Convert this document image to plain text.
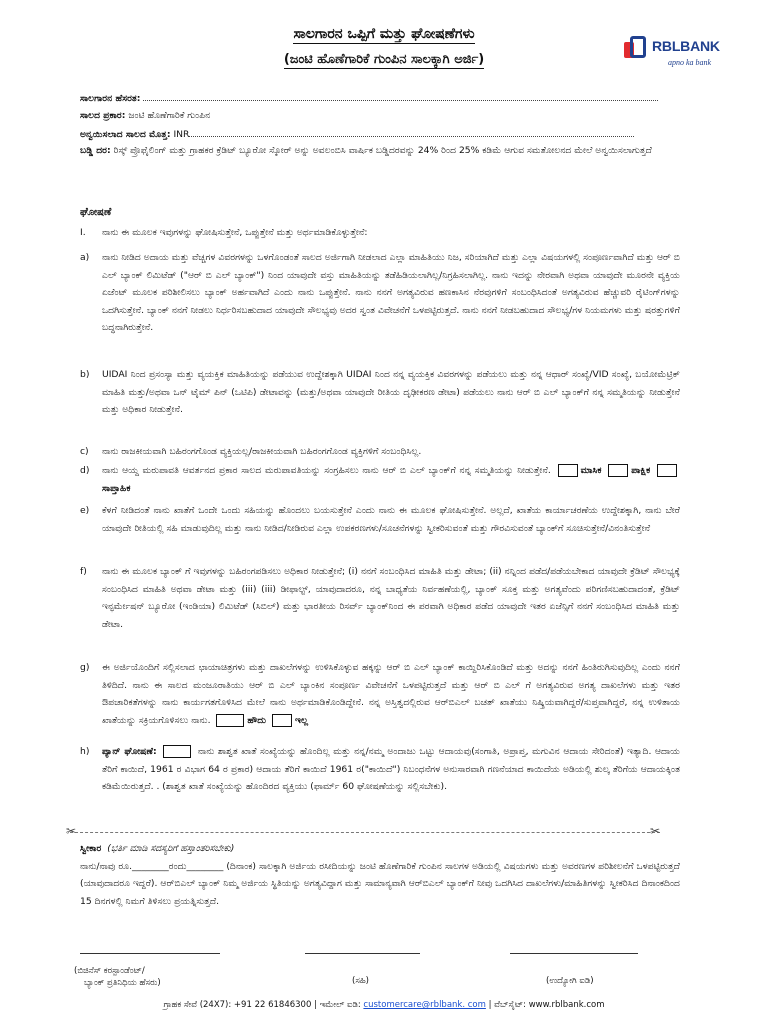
ಸಾಲಗಾರನ ಒಪ್ಪಿಗೆ ಮತ್ತು ಘೋಷಣೆಗಳು
(ಜಂಟಿ ಹೊಣೆಗಾರಿಕೆ ಗುಂಪಿನ ಸಾಲಕ್ಕಾಗಿ ಅರ್ಜಿ)
RBLBANK
apno ka bank
ಸಾಲಗಾರನ ಹೆಸರತ:
ಸಾಲದ ಪ್ರಕಾರ: ಜಂಟಿ ಹೊಣೆಗಾರಿಕೆ ಗುಂಪಿನ
ಅನ್ವಯಿಸಲಾದ ಸಾಲದ ಮೊತ್ತ: INR
ಬಡ್ಡಿ ದರ: ರಿಸ್ಕ್ ಪ್ರೊಫೈಲಿಂಗ್ ಮತ್ತು ಗ್ರಾಹಕರ ಕ್ರೆಡಿಟ್ ಬ್ಯೂರೋ ಸ್ಕೋರ್ ಅನ್ನು ಅವಲಂಬಿಸಿ ವಾರ್ಷಿಕ ಬಡ್ಡಿದರವನ್ನು 24% ರಿಂದ 25% ಕಡಿಮೆ ಆಗುವ ಸಮತೋಲನದ ಮೇಲೆ ಅನ್ವಯಿಸಲಾಗುತ್ತದೆ
ಘೋಷಣೆ
I. ನಾನು ಈ ಮೂಲಕ ಇವುಗಳನ್ನು ಘೋಷಿಸುತ್ತೇನೆ, ಒಪ್ಪುತ್ತೇನೆ ಮತ್ತು ಅರ್ಥಮಾಡಿಕೊಳ್ಳುತ್ತೇನೆ:
a) ನಾನು ನೀಡಿದ ಅದಾಯ ಮತ್ತು ವೆಚ್ಚಗಳ ವಿವರಗಳನ್ನು ಒಳಗೊಂಡಂತೆ ಸಾಲದ ಅರ್ಜಿಗಾಗಿ ನೀಡಲಾದ ಎಲ್ಲಾ ಮಾಹಿತಿಯು ನಿಜ, ಸರಿಯಾಗಿದೆ ಮತ್ತು ಎಲ್ಲಾ ವಿಷಯಗಳಲ್ಲಿ ಸಂಪೂರ್ಣವಾಗಿದೆ ಮತ್ತು ಆರ್ ಬಿ ಎಲ್ ಬ್ಯಾಂಕ್ ಲಿಮಿಟೆಡ್ ("ಆರ್ ಬಿ ಎಲ್ ಬ್ಯಾಂಕ್") ನಿಂದ ಯಾವುದೇ ವಸ್ತು ಮಾಹಿತಿಯನ್ನು ತಡೆಹಿಡಿಯಲಾಗಿಲ್ಲ/ನಿಗ್ರಹಿಸಲಾಗಿಲ್ಲ. ನಾನು ಇದನ್ನು ನೇರವಾಗಿ ಅಥವಾ ಯಾವುದೇ ಮೂರನೇ ವ್ಯಕ್ತಿಯ ಏಜೆಂಟ್ ಮೂಲಕ ಪರಿಶೀಲಿಸಲು ಬ್ಯಾಂಕ್ ಅರ್ಹವಾಗಿದೆ ಎಂದು ನಾನು ಒಪ್ಪುತ್ತೇನೆ. ನಾನು ನನಗೆ ಅಗತ್ಯವಿರುವ ಹಣಕಾಸಿನ ನೆರವುಗಳಿಗೆ ಸಂಬಂಧಿಸಿದಂತೆ ಅಗತ್ಯವಿರುವ ಹೆಚ್ಚುವರಿ ರೈಟಿಂಗ್‌ಗಳನ್ನು ಒದಗಿಸುತ್ತೇನೆ. ಬ್ಯಾಂಕ್ ನನಗೆ ನೀಡಲು ನಿರ್ಧರಿಸಬಹುದಾದ ಯಾವುದೇ ಸೌಲಭ್ಯವು ಅದರ ಸ್ವಂತ ವಿವೇಚನೆಗೆ ಒಳಪಟ್ಟಿರುತ್ತದೆ. ನಾನು ನನಗೆ ನೀಡಬಹುದಾದ ಸೌಲಭ್ಯ/ಗಳ ನಿಯಮಗಳು ಮತ್ತು ಷರತ್ತುಗಳಿಗೆ ಬದ್ಧನಾಗಿರುತ್ತೇನೆ.
b) UIDAI ನಿಂದ ಪ್ರಸಂಸ್ಯಾ ಮತ್ತು ವ್ಯಯಕ್ತಿಕ ಮಾಹಿತಿಯನ್ನು ಪಡೆಯುವ ಉದ್ದೇಶಕ್ಕಾಗಿ UIDAI ನಿಂದ ನನ್ನ ವ್ಯಯಕ್ತಿಕ ವಿವರಗಳನ್ನು ಪಡೆಯಲು ಮತ್ತು ನನ್ನ ಆಧಾರ್ ಸಂಖ್ಯೆ/VID ಸಂಖ್ಯೆ, ಬಯೋಮೆಟ್ರಿಕ್ ಮಾಹಿತಿ ಮತ್ತು/ಅಥವಾ ಒನ್ ಟೈಮ್ ಪಿನ್ (ಒಟಿಪಿ) ಡೇಟಾವನ್ನು (ಮತ್ತು/ಅಥವಾ ಯಾವುದೇ ರೀತಿಯ ದೃಢೀಕರಣ ಡೇಟಾ) ಪಡೆಯಲು ನಾನು ಆರ್ ಬಿ ಎಲ್ ಬ್ಯಾಂಕ್‌ಗೆ ನನ್ನ ಸಮ್ಮತಿಯನ್ನು ನೀಡುತ್ತೇನೆ ಮತ್ತು ಅಧಿಕಾರ ನೀಡುತ್ತೇನೆ.
c) ನಾನು ರಾಜಕೀಯವಾಗಿ ಬಹಿರಂಗಗೊಂಡ ವ್ಯಕ್ತಿಯಲ್ಲ/ರಾಜಕೀಯವಾಗಿ ಬಹಿರಂಗಗೊಂಡ ವ್ಯಕ್ತಿಗಳಿಗೆ ಸಂಬಂಧಿಸಿಲ್ಲ.
d) ನಾನು ಆಯ್ದ ಮರುಪಾವತಿ ಆವರ್ತನದ ಪ್ರಕಾರ ಸಾಲದ ಮರುಪಾವತಿಯನ್ನು ಸಂಗ್ರಹಿಸಲು ನಾನು ಆರ್ ಬಿ ಎಲ್ ಬ್ಯಾಂಕ್‌ಗೆ ನನ್ನ ಸಮ್ಮತಿಯನ್ನು ನೀಡುತ್ತೇನೆ.	ಮಾಸಿಕ	ಪಾಕ್ಷಿಕ ಸಾಪ್ತಾಹಿಕ
e) ಕೆಳಗೆ ನೀಡಿದಂತೆ ನಾನು ಖಾತೆಗೆ ಒಂದೇ ಒಂದು ಸಹಿಯನ್ನು ಹೊಂದಲು ಬಯಸುತ್ತೇನೆ ಎಂದು ನಾನು ಈ ಮೂಲಕ ಘೋಷಿಸುತ್ತೇನೆ. ಅಲ್ಲದೆ, ಖಾತೆಯ ಕಾರ್ಯಾಚರಣೆಯ ಉದ್ದೇಶಕ್ಕಾಗಿ, ನಾನು ಬೇರೆ ಯಾವುದೇ ರೀತಿಯಲ್ಲಿ ಸಹಿ ಮಾಡುವುದಿಲ್ಲ ಮತ್ತು ನಾನು ನೀಡಿದ/ನೀಡಿರುವ ಎಲ್ಲಾ ಉಪಕರಣಗಳು/ಸೂಚನೆಗಳನ್ನು ಸ್ವೀಕರಿಸುವಂತೆ ಮತ್ತು ಗೌರವಿಸುವಂತೆ ಬ್ಯಾಂಕ್‌ಗೆ ಸೂಚಿಸುತ್ತೇನೆ/ವಿನಂತಿಸುತ್ತೇನೆ
f) ನಾನು ಈ ಮೂಲಕ ಬ್ಯಾಂಕ್ ಗೆ ಇವುಗಳನ್ನು ಬಹಿರಂಗಪಡಿಸಲು ಅಧಿಕಾರ ನೀಡುತ್ತೇನೆ; (i) ನನಗೆ ಸಂಬಂಧಿಸಿದ ಮಾಹಿತಿ ಮತ್ತು ಡೇಟಾ; (ii) ನನ್ನಿಂದ ಪಡೆದ/ಪಡೆಯಬೇಕಾದ ಯಾವುದೇ ಕ್ರೆಡಿಟ್ ಸೌಲಭ್ಯಕ್ಕೆ ಸಂಬಂಧಿಸಿದ ಮಾಹಿತಿ ಅಥವಾ ಡೇಟಾ ಮತ್ತು (iii) (iii) ಡೀಫಾಲ್ಟ್, ಯಾವುದಾದರೂ, ನನ್ನ ಬಾಧ್ಯತೆಯ ನಿರ್ವಹಣೆಯಲ್ಲಿ, ಬ್ಯಾಂಕ್ ಸೂಕ್ತ ಮತ್ತು ಅಗತ್ಯವೆಂದು ಪರಿಗಣಿಸಬಹುದಾದಂತೆ, ಕ್ರೆಡಿಟ್ ಇನ್ಫರ್ಮೇಷನ್ ಬ್ಯೂರೋ (ಇಂಡಿಯಾ) ಲಿಮಿಟೆಡ್ (ಸಿಬಿಲ್) ಮತ್ತು ಭಾರತೀಯ ರಿಸರ್ವ್ ಬ್ಯಾಂಕ್‌ನಿಂದ ಈ ಪರವಾಗಿ ಅಧಿಕಾರ ಪಡೆದ ಯಾವುದೇ ಇತರ ಏಜೆನ್ಸಿಗೆ ನನಗೆ ಸಂಬಂಧಿಸಿದ ಮಾಹಿತಿ ಮತ್ತು ಡೇಟಾ.
g) ಈ ಅರ್ಜಿಯೊಂದಿಗೆ ಸಲ್ಲಿಸಲಾದ ಛಾಯಾಚಿತ್ರಗಳು ಮತ್ತು ದಾಖಲೆಗಳನ್ನು ಉಳಿಸಿಕೊಳ್ಳುವ ಹಕ್ಕನ್ನು ಆರ್ ಬಿ ಎಲ್ ಬ್ಯಾಂಕ್ ಕಾಯ್ದಿರಿಸಿಕೊಂಡಿದೆ ಮತ್ತು ಅದನ್ನು ನನಗೆ ಹಿಂತಿರುಗಿಸುವುದಿಲ್ಲ ಎಂದು ನನಗೆ ತಿಳಿದಿದೆ. ನಾನು ಈ ಸಾಲದ ಮಂಜೂರಾತಿಯು ಆರ್ ಬಿ ಎಲ್ ಬ್ಯಾಂಕಿನ ಸಂಪೂರ್ಣ ವಿವೇಚನೆಗೆ ಒಳಪಟ್ಟಿರುತ್ತದೆ ಮತ್ತು ಆರ್ ಬಿ ಎಲ್ ಗೆ ಅಗತ್ಯವಿರುವ ಅಗತ್ಯ ದಾಖಲೆಗಳು ಮತ್ತು ಇತರ ಔಪಚಾರಿಕತೆಗಳನ್ನು ನಾನು ಕಾರ್ಯಗತಗೊಳಿಸಿದ ಮೇಲೆ ನಾನು ಅರ್ಥಮಾಡಿಕೊಂಡಿದ್ದೇನೆ. ನನ್ನ ಅಸ್ತಿತ್ವದಲ್ಲಿರುವ ಆರ್‌ಬಿಎಲ್ ಬಚತ್ ಖಾತೆಯು ನಿಷ್ಕ್ರಿಯವಾಗಿದ್ದರೆ/ಸುಪ್ತವಾಗಿದ್ದರೆ, ನನ್ನ ಉಳಿತಾಯ ಖಾತೆಯನ್ನು ಸಕ್ರಿಯಗೊಳಿಸಲು ನಾನು.	ಹೌದು	ಇಲ್ಲ
h) ಪ್ಯಾನ್ ಘೋಷಣೆ:	ನಾನು ಶಾಶ್ವತ ಖಾತೆ ಸಂಖ್ಯೆಯನ್ನು ಹೊಂದಿಲ್ಲ ಮತ್ತು ನನ್ನ/ನಮ್ಮ ಅಂದಾಜು ಒಟ್ಟು ಆದಾಯವು(ಸಂಗಾತಿ, ಅಪ್ರಾಪ್ತ, ಮಗುವಿನ ಆದಾಯ ಸೇರಿದಂತೆ) ಇತ್ಯಾದಿ. ಆದಾಯ ತೆರಿಗೆ ಕಾಯಿದೆ, 1961 ರ ವಿಭಾಗ 64 ರ ಪ್ರಕಾರ) ಆದಾಯ ತೆರಿಗೆ ಕಾಯಿದೆ 1961 ರ("ಕಾಯಿದೆ") ನಿಬಂಧನೆಗಳ ಅನುಸಾರವಾಗಿ ಗಣನೆಯಾದ ಕಾಯಿದೆಯ ಅಡಿಯಲ್ಲಿ ಶುಲ್ಕ ತೆರಿಗೆಯ ಆದಾಯಕ್ಕಿಂತ ಕಡಿಮೆಯಿರುತ್ತದೆ. . (ಶಾಶ್ವತ ಖಾತೆ ಸಂಖ್ಯೆಯನ್ನು ಹೊಂದಿರದ ವ್ಯಕ್ತಿಯು (ಫಾರ್ಮ್ 60 ಘೋಷಣೆಯನ್ನು ಸಲ್ಲಿಸಬೇಕು).
✂	✂
ಸ್ವೀಕಾರ (ಭರ್ತಿ ಮಾಡಿ ಸದಸ್ಯರಿಗೆ ಹಸ್ತಾಂತರಿಸಬೇಕು)
ನಾನು/ನಾವು ರೂ.________ರಂದು________ (ದಿನಾಂಕ) ಸಾಲಕ್ಕಾಗಿ ಅರ್ಜಿಯ ರಸೀದಿಯನ್ನು ಜಂಟಿ ಹೊಣೆಗಾರಿಕೆ ಗುಂಪಿನ ಸಾಲಗಳ ಅಡಿಯಲ್ಲಿ ವಿಷಯಗಳು ಮತ್ತು ಅವರಣಗಳ ಪರಿಶೀಲನೆಗೆ ಒಳಪಟ್ಟಿರುತ್ತದೆ (ಯಾವುದಾದರೂ ಇದ್ದರೆ). ಆರ್‌ಬಿಎಲ್ ಬ್ಯಾಂಕ್ ನಿಮ್ಮ ಅರ್ಜಿಯ ಸ್ಥಿತಿಯನ್ನು ಅಗತ್ಯವಿದ್ದಾಗ ಮತ್ತು ಸಾಮಾನ್ಯವಾಗಿ ಆರ್‌ಬಿಎಲ್ ಬ್ಯಾಂಕ್‌ಗೆ ನೀವು ಒದಗಿಸಿದ ದಾಖಲೆಗಳು/ಮಾಹಿತಿಗಳನ್ನು ಸ್ವೀಕರಿಸಿದ ದಿನಾಂಕದಿಂದ 15 ದಿನಗಳಲ್ಲಿ ನಿಮಗೆ ತಿಳಿಸಲು ಪ್ರಯತ್ನಿಸುತ್ತದೆ.
(ಬಿಜಿನೆಸ್ ಕರಸ್ಪಾಂಡೆಂಟ್/
ಬ್ಯಾಂಕ್ ಪ್ರತಿನಿಧಿಯ ಹೆಸರು)	(ಸಹಿ)	(ಉದ್ಯೋಗಿ ಐಡಿ)
ಗ್ರಾಹಕ ಸೇವೆ (24X7): +91 22 61846300 | ಇಮೇಲ್ ಐಡಿ: customercare@rblbank. com | ವೆಬ್‌ಸೈಟ್: www.rblbank.com
